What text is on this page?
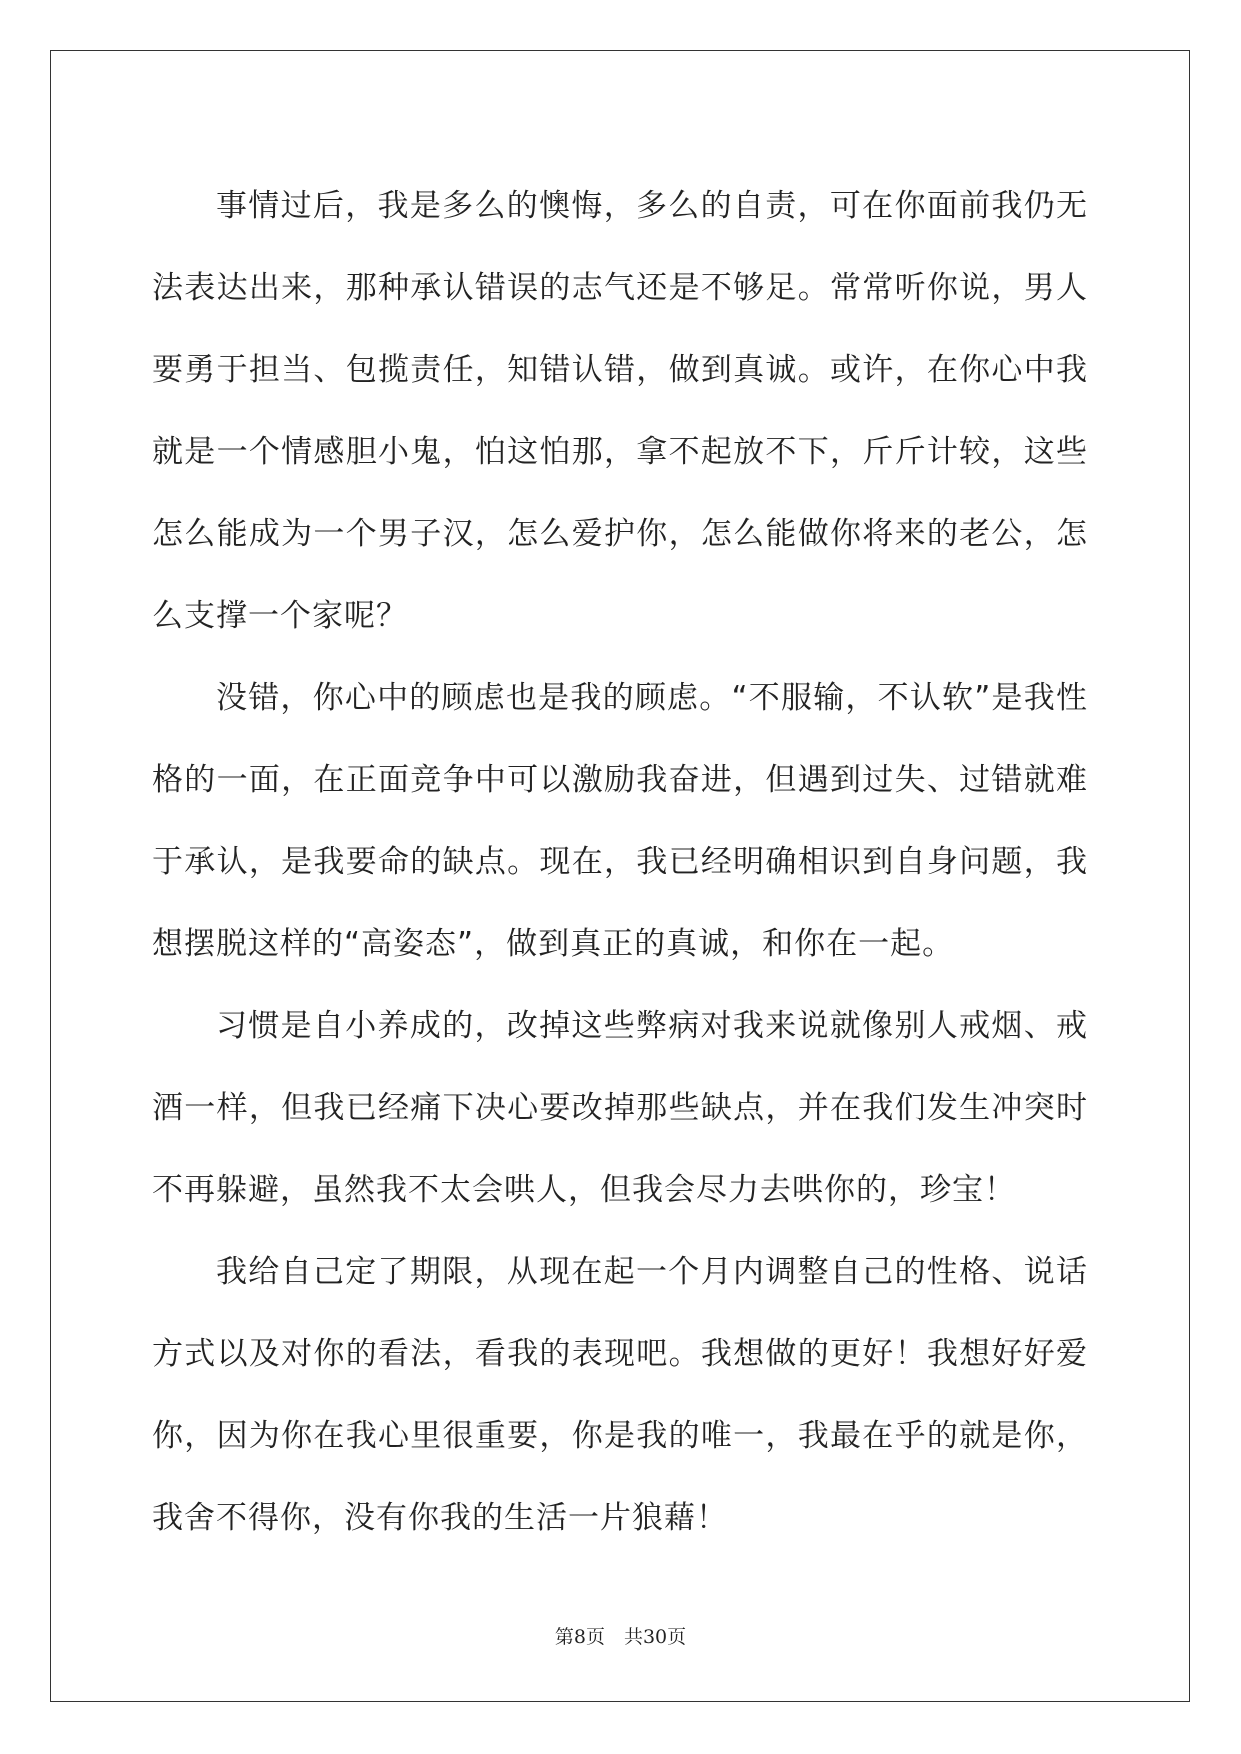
事情过后，我是多么的懊悔，多么的自责，可在你面前我仍无法表达出来，那种承认错误的志气还是不够足。常常听你说，男人要勇于担当、包揽责任，知错认错，做到真诚。或许，在你心中我就是一个情感胆小鬼，怕这怕那，拿不起放不下，斤斤计较，这些怎么能成为一个男子汉，怎么爱护你，怎么能做你将来的老公，怎么支撑一个家呢？

没错，你心中的顾虑也是我的顾虑。“不服输，不认软”是我性格的一面，在正面竞争中可以激励我奋进，但遇到过失、过错就难于承认，是我要命的缺点。现在，我已经明确相识到自身问题，我想摆脱这样的“高姿态”，做到真正的真诚，和你在一起。

习惯是自小养成的，改掉这些弊病对我来说就像别人戒烟、戒酒一样，但我已经痛下决心要改掉那些缺点，并在我们发生冲突时不再躲避，虽然我不太会哄人，但我会尽力去哄你的，珍宝！

我给自己定了期限，从现在起一个月内调整自己的性格、说话方式以及对你的看法，看我的表现吧。我想做的更好！我想好好爱你，因为你在我心里很重要，你是我的唯一，我最在乎的就是你，我舍不得你，没有你我的生活一片狼藉！

第8页　共30页
